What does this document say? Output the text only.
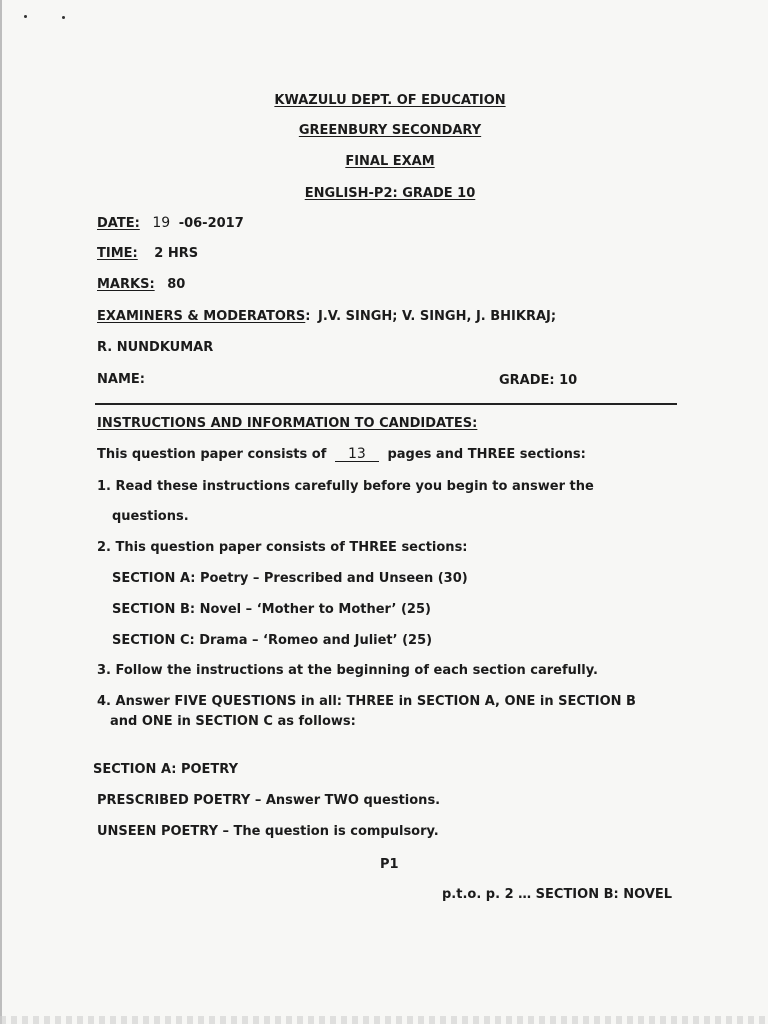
KWAZULU DEPT. OF EDUCATION
GREENBURY SECONDARY
FINAL EXAM
ENGLISH-P2: GRADE 10
DATE: 19 -06-2017
TIME: 2 HRS
MARKS: 80
EXAMINERS & MODERATORS: J.V. SINGH; V. SINGH, J. BHIKRAJ;
R. NUNDKUMAR
NAME:	GRADE: 10
INSTRUCTIONS AND INFORMATION TO CANDIDATES:
This question paper consists of 13 pages and THREE sections:
1. Read these instructions carefully before you begin to answer the
questions.
2. This question paper consists of THREE sections:
SECTION A: Poetry – Prescribed and Unseen (30)
SECTION B: Novel – ‘Mother to Mother’ (25)
SECTION C: Drama – ‘Romeo and Juliet’ (25)
3. Follow the instructions at the beginning of each section carefully.
4. Answer FIVE QUESTIONS in all: THREE in SECTION A, ONE in SECTION B
and ONE in SECTION C as follows:
SECTION A: POETRY
PRESCRIBED POETRY – Answer TWO questions.
UNSEEN POETRY – The question is compulsory.
P1
p.t.o. p. 2 … SECTION B: NOVEL
